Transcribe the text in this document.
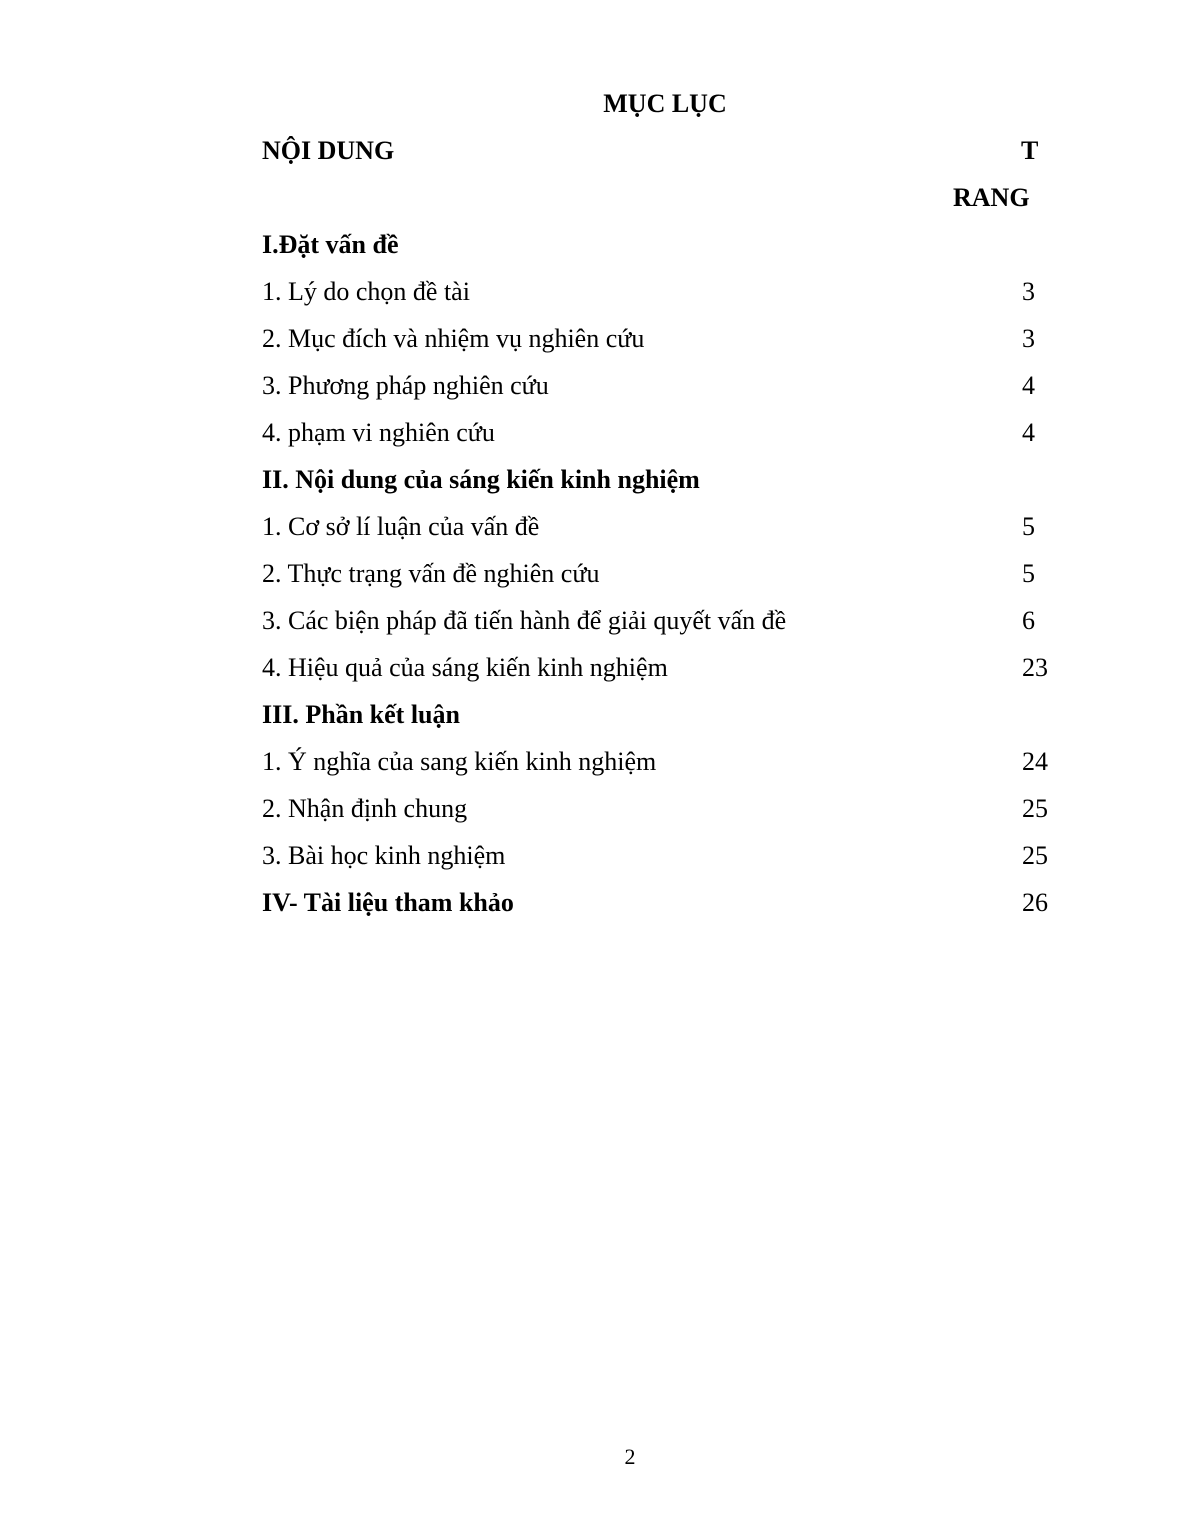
MỤC LỤC
NỘI DUNG	T
RANG
I.Đặt vấn đề
1. Lý do chọn đề tài	3
2. Mục đích và nhiệm vụ nghiên cứu	3
3. Phương pháp nghiên cứu	4
4. phạm vi nghiên cứu	4
II. Nội dung của sáng kiến kinh nghiệm
1. Cơ sở lí luận của vấn đề	5
2. Thực trạng vấn đề nghiên cứu	5
3. Các biện pháp đã tiến hành để giải quyết vấn đề	6
4. Hiệu quả của sáng kiến kinh nghiệm	23
III. Phần kết luận
1. Ý nghĩa của sang kiến kinh nghiệm	24
2. Nhận định chung	25
3. Bài học kinh nghiệm	25
IV- Tài liệu tham khảo	26
2
